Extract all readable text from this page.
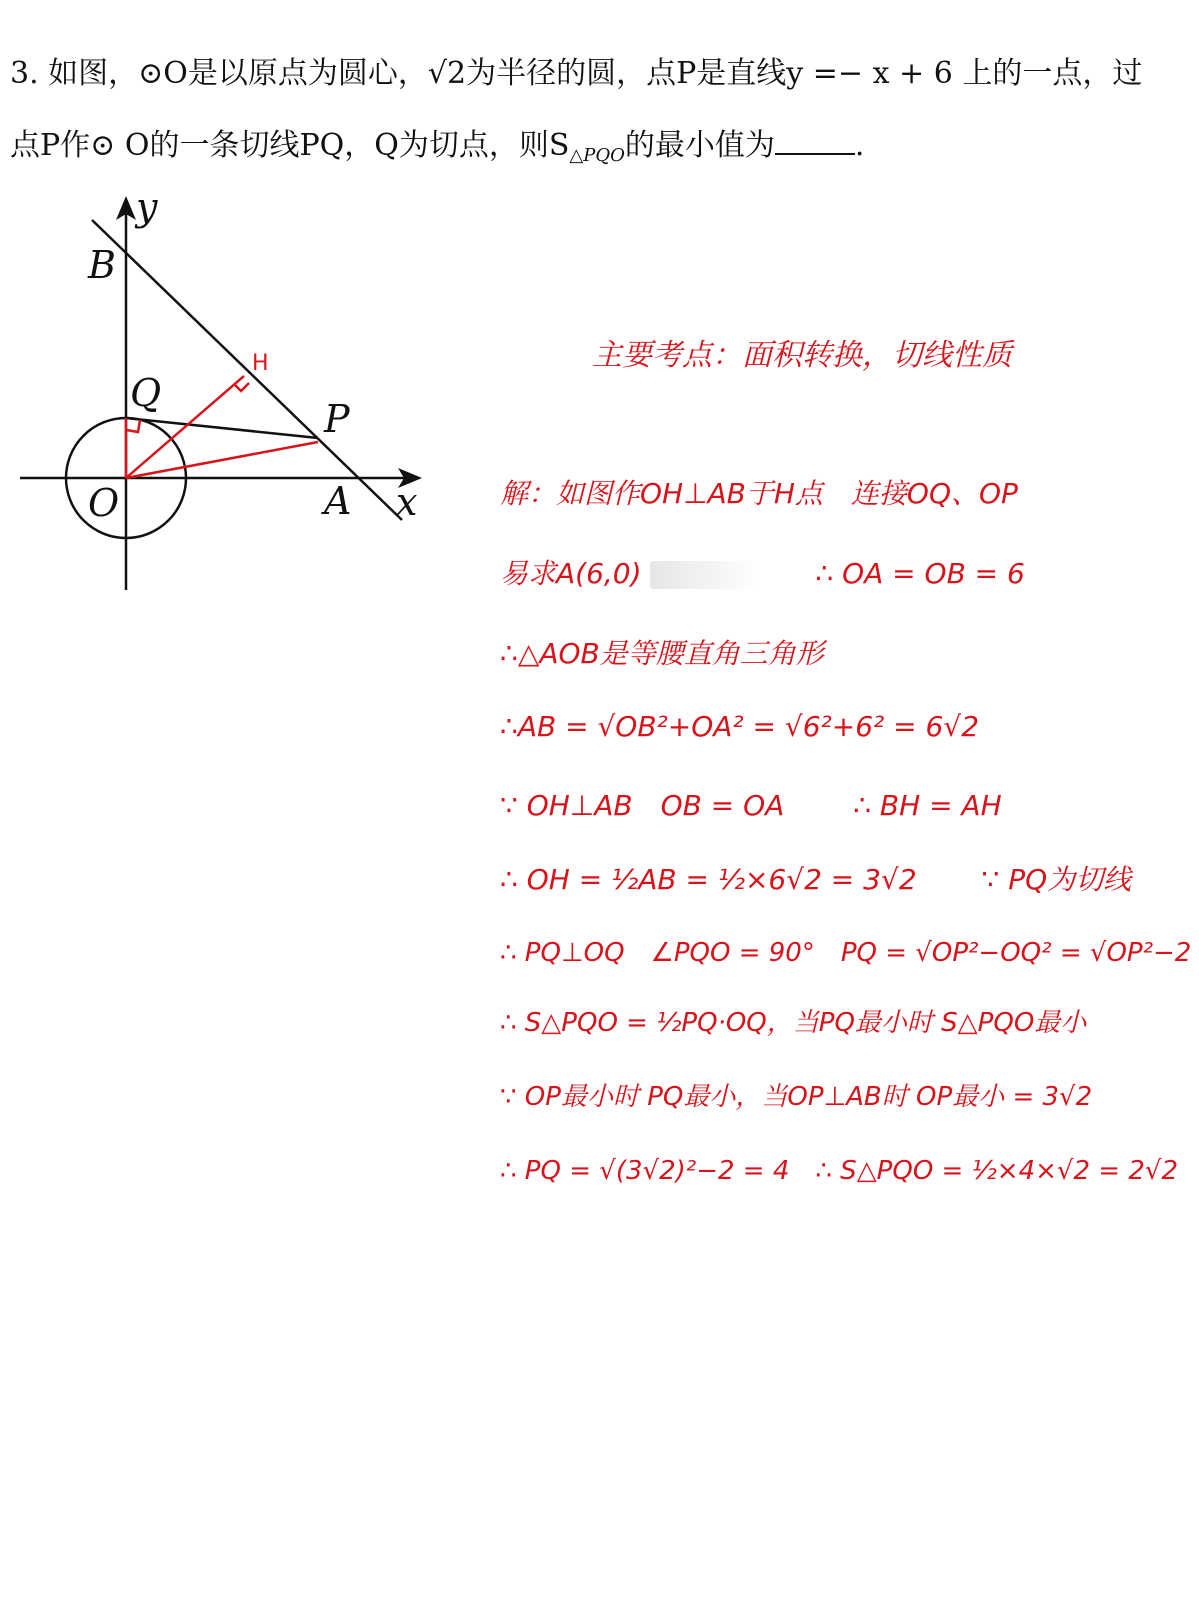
3. 如图，⊙O是以原点为圆心，√2为半径的圆，点P是直线y =− x + 6 上的一点，过
点P作⊙ O的一条切线PQ，Q为切点，则$S_{\triangle PQO}$的最小值为	.
y
x
B
Q
P
O	A
H	主要考点：面积转换，切线性质
解：如图作OH⊥AB于H点　连接OQ、OP
易求A(6,0)	∴ OA = OB = 6
∴△AOB是等腰直角三角形
∴AB = √OB²+OA² = √6²+6² = 6√2
∵ OH⊥AB　OB = OA ∴ BH = AH
∴ OH = ½AB = ½×6√2 = 3√2 ∵ PQ为切线
∴ PQ⊥OQ　∠PQO = 90°　PQ = √OP²−OQ² = √OP²−2
∴ S△PQO = ½PQ·OQ，当PQ最小时 S△PQO最小
∵ OP最小时 PQ最小，当OP⊥AB时 OP最小 = 3√2
∴ PQ = √(3√2)²−2 = 4　∴ S△PQO = ½×4×√2 = 2√2
